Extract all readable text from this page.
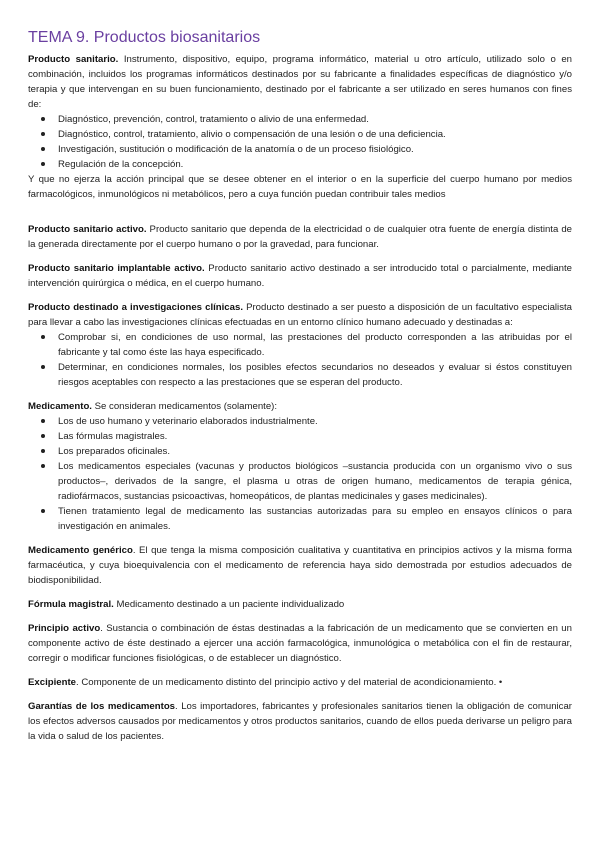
TEMA 9. Productos biosanitarios

Producto sanitario. Instrumento, dispositivo, equipo, programa informático, material u otro artículo, utilizado solo o en combinación, incluidos los programas informáticos destinados por su fabricante a finalidades específicas de diagnóstico y/o terapia y que intervengan en su buen funcionamiento, destinado por el fabricante a ser utilizado en seres humanos con fines de:

Diagnóstico, prevención, control, tratamiento o alivio de una enfermedad.
Diagnóstico, control, tratamiento, alivio o compensación de una lesión o de una deficiencia.
Investigación, sustitución o modificación de la anatomía o de un proceso fisiológico.
Regulación de la concepción.

Y que no ejerza la acción principal que se desee obtener en el interior o en la superficie del cuerpo humano por medios farmacológicos, inmunológicos ni metabólicos, pero a cuya función puedan contribuir tales medios

Producto sanitario activo. Producto sanitario que dependa de la electricidad o de cualquier otra fuente de energía distinta de la generada directamente por el cuerpo humano o por la gravedad, para funcionar.

Producto sanitario implantable activo. Producto sanitario activo destinado a ser introducido total o parcialmente, mediante intervención quirúrgica o médica, en el cuerpo humano.

Producto destinado a investigaciones clínicas. Producto destinado a ser puesto a disposición de un facultativo especialista para llevar a cabo las investigaciones clínicas efectuadas en un entorno clínico humano adecuado y destinadas a:

Comprobar si, en condiciones de uso normal, las prestaciones del producto corresponden a las atribuidas por el fabricante y tal como éste las haya especificado.
Determinar, en condiciones normales, los posibles efectos secundarios no deseados y evaluar si éstos constituyen riesgos aceptables con respecto a las prestaciones que se esperan del producto.

Medicamento. Se consideran medicamentos (solamente):

Los de uso humano y veterinario elaborados industrialmente.
Las fórmulas magistrales.
Los preparados oficinales.
Los medicamentos especiales (vacunas y productos biológicos –sustancia producida con un organismo vivo o sus productos–, derivados de la sangre, el plasma u otras de origen humano, medicamentos de terapia génica, radiofármacos, sustancias psicoactivas, homeopáticos, de plantas medicinales y gases medicinales).
Tienen tratamiento legal de medicamento las sustancias autorizadas para su empleo en ensayos clínicos o para investigación en animales.

Medicamento genérico. El que tenga la misma composición cualitativa y cuantitativa en principios activos y la misma forma farmacéutica, y cuya bioequivalencia con el medicamento de referencia haya sido demostrada por estudios adecuados de biodisponibilidad.

Fórmula magistral. Medicamento destinado a un paciente individualizado

Principio activo. Sustancia o combinación de éstas destinadas a la fabricación de un medicamento que se convierten en un componente activo de éste destinado a ejercer una acción farmacológica, inmunológica o metabólica con el fin de restaurar, corregir o modificar funciones fisiológicas, o de establecer un diagnóstico.

Excipiente. Componente de un medicamento distinto del principio activo y del material de acondicionamiento. •

Garantías de los medicamentos. Los importadores, fabricantes y profesionales sanitarios tienen la obligación de comunicar los efectos adversos causados por medicamentos y otros productos sanitarios, cuando de ellos pueda derivarse un peligro para la vida o salud de los pacientes.
